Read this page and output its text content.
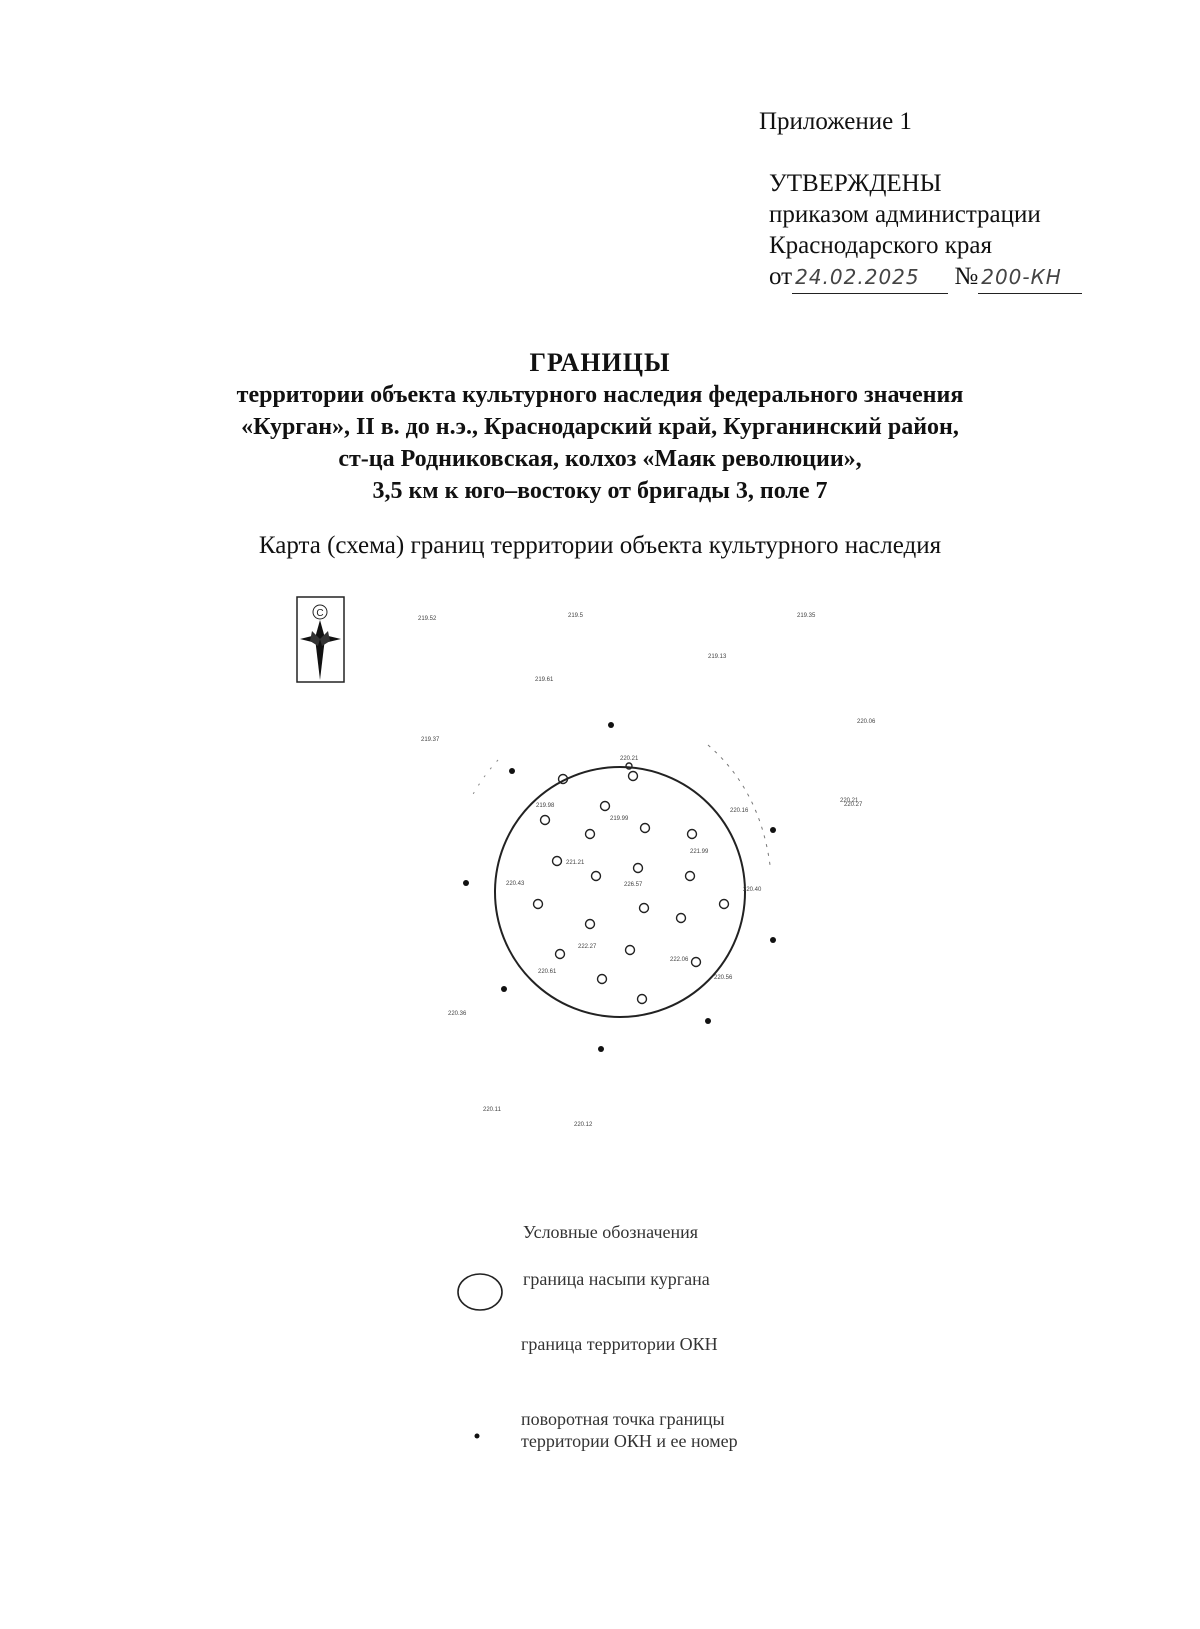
Приложение 1
УТВЕРЖДЕНЫ
приказом администрации
Краснодарского края
от 24.02.2025 № 200-КН
ГРАНИЦЫ
территории объекта культурного наследия федерального значения
«Курган», II в. до н.э., Краснодарский край, Курганинский район,
ст-ца Родниковская, колхоз «Маяк революции»,
3,5 км к юго–востоку от бригады 3, поле 7
Карта (схема) границ территории объекта культурного наследия
С	219.52	219.5	219.35
219.13
219.61
220.06
219.37
220.21
220.21
220.27
219.98
219.99
220.16
221.99
221.21
220.43	226.57
220.40
222.27
222.06
220.61
220.56
220.36
220.11
220.12
Условные обозначения
граница насыпи кургана
граница территории ОКН
поворотная точка границы
территории ОКН и ее номер
